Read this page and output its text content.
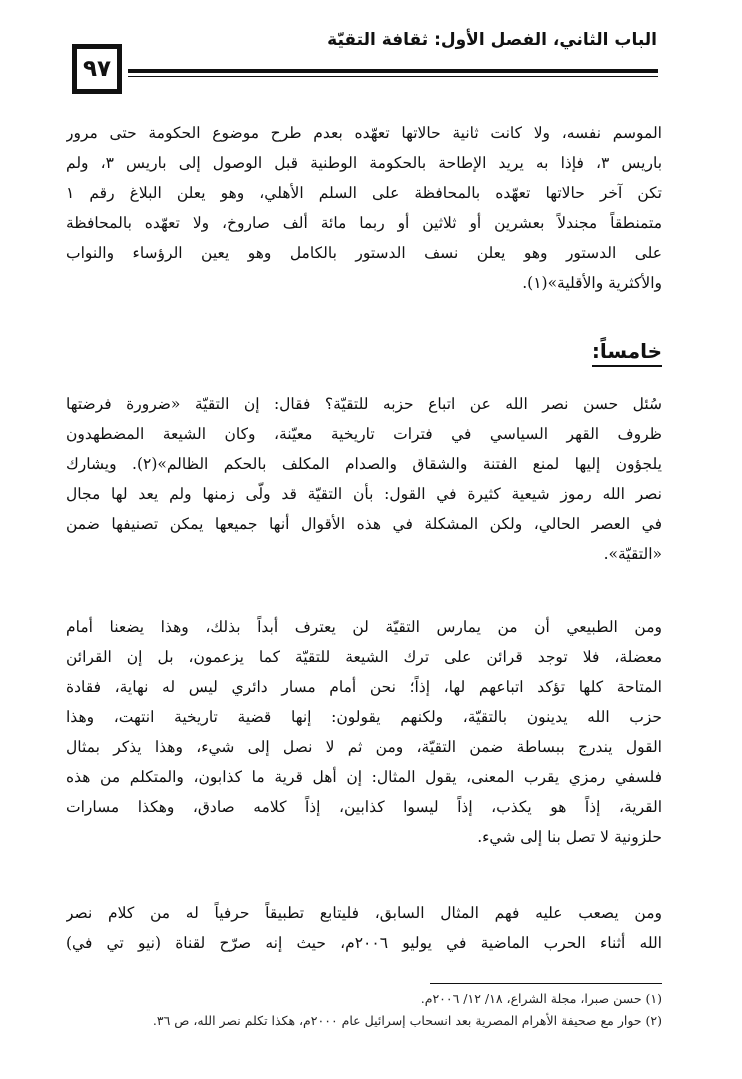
الباب الثاني، الفصل الأول: ثقافة التقيّة
٩٧
الموسم نفسه، ولا كانت ثانية حالاتها تعهّده بعدم طرح موضوع الحكومة حتى مرور
باريس ٣، فإذا به يريد الإطاحة بالحكومة الوطنية قبل الوصول إلى باريس ٣، ولم
تكن آخر حالاتها تعهّده بالمحافظة على السلم الأهلي، وهو يعلن البلاغ رقم ١
متمنطقاً مجندلاً بعشرين أو ثلاثين أو ربما مائة ألف صاروخ، ولا تعهّده بالمحافظة
على الدستور وهو يعلن نسف الدستور بالكامل وهو يعين الرؤساء والنواب
والأكثرية والأقلية»(١).
خامساً:
سُئل حسن نصر الله عن اتباع حزبه للتقيّة؟ فقال: إن التقيّة «ضرورة فرضتها
ظروف القهر السياسي في فترات تاريخية معيّنة، وكان الشيعة المضطهدون
يلجؤون إليها لمنع الفتنة والشقاق والصدام المكلف بالحكم الظالم»(٢). ويشارك
نصر الله رموز شيعية كثيرة في القول: بأن التقيّة قد ولّى زمنها ولم يعد لها مجال
في العصر الحالي، ولكن المشكلة في هذه الأقوال أنها جميعها يمكن تصنيفها ضمن
«التقيّة».
ومن الطبيعي أن من يمارس التقيّة لن يعترف أبداً بذلك، وهذا يضعنا أمام
معضلة، فلا توجد قرائن على ترك الشيعة للتقيّة كما يزعمون، بل إن القرائن
المتاحة كلها تؤكد اتباعهم لها، إذاً؛ نحن أمام مسار دائري ليس له نهاية، فقادة
حزب الله يدينون بالتقيّة، ولكنهم يقولون: إنها قضية تاريخية انتهت، وهذا
القول يندرج ببساطة ضمن التقيّة، ومن ثم لا نصل إلى شيء، وهذا يذكر بمثال
فلسفي رمزي يقرب المعنى، يقول المثال: إن أهل قرية ما كذابون، والمتكلم من هذه
القرية، إذاً هو يكذب، إذاً ليسوا كذابين، إذاً كلامه صادق، وهكذا مسارات
حلزونية لا تصل بنا إلى شيء.
ومن يصعب عليه فهم المثال السابق، فليتابع تطبيقاً حرفياً له من كلام نصر
الله أثناء الحرب الماضية في يوليو ٢٠٠٦م، حيث إنه صرّح لقناة (نيو تي في)
(١) حسن صبرا، مجلة الشراع، ١٨/ ١٢/ ٢٠٠٦م.
(٢) حوار مع صحيفة الأهرام المصرية بعد انسحاب إسرائيل عام ٢٠٠٠م، هكذا تكلم نصر الله، ص ٣٦.
